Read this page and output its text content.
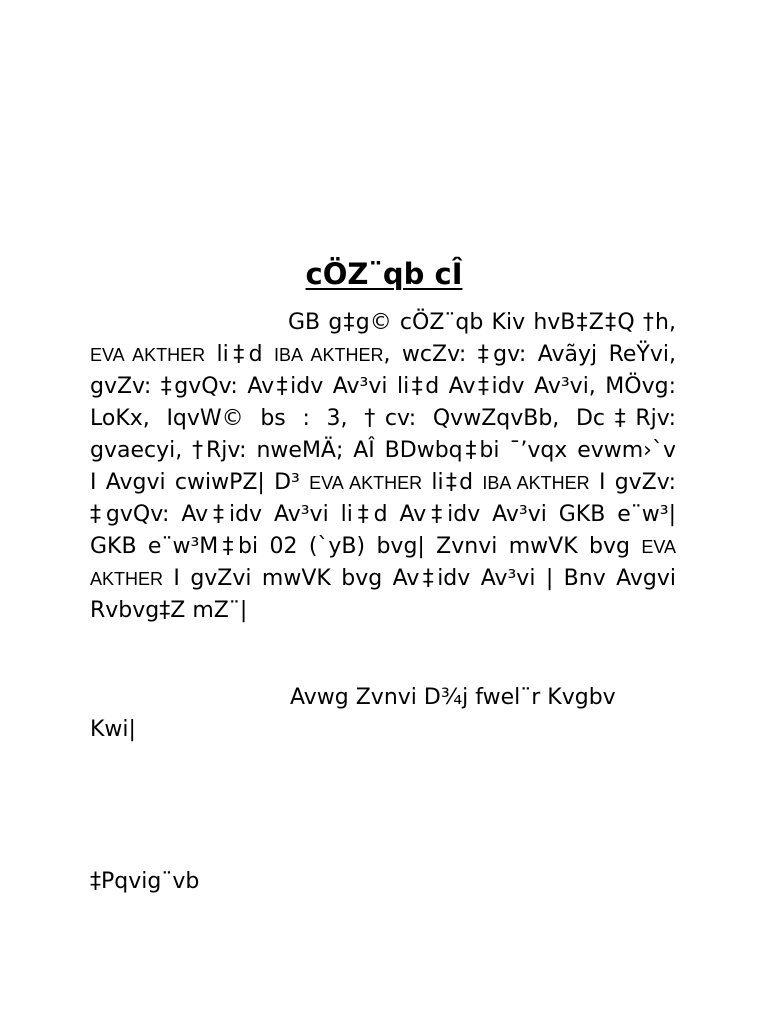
cÖZ¨qb cÎ
GB g‡g© cÖZ¨qb Kiv hvB‡Z‡Q †h,
EVA AKTHER li‡d IBA AKTHER, wcZv: ‡gv: Avãyj ReŸvi,
gvZv: ‡gvQv: Av‡idv Av³vi li‡d Av‡idv Av³vi, MÖvg:
LoKx, IqvW© bs : 3, †cv: QvwZqvBb, Dc‡Rjv:
gvaecyi, †Rjv: nweMÄ; AÎ BDwbq‡bi ¯’vqx evwm›`v
I Avgvi cwiwPZ| D³ EVA AKTHER li‡d IBA AKTHER I gvZv:
‡gvQv: Av‡idv Av³vi li‡d Av‡idv Av³vi GKB e¨w³|
GKB e¨w³M‡bi 02 (`yB) bvg| Zvnvi mwVK bvg EVA
AKTHER I gvZvi mwVK bvg Av‡idv Av³vi | Bnv Avgvi
Rvbvg‡Z mZ¨|
Avwg Zvnvi D¾j fwel¨r Kvgbv
Kwi|
‡Pqvig¨vb
